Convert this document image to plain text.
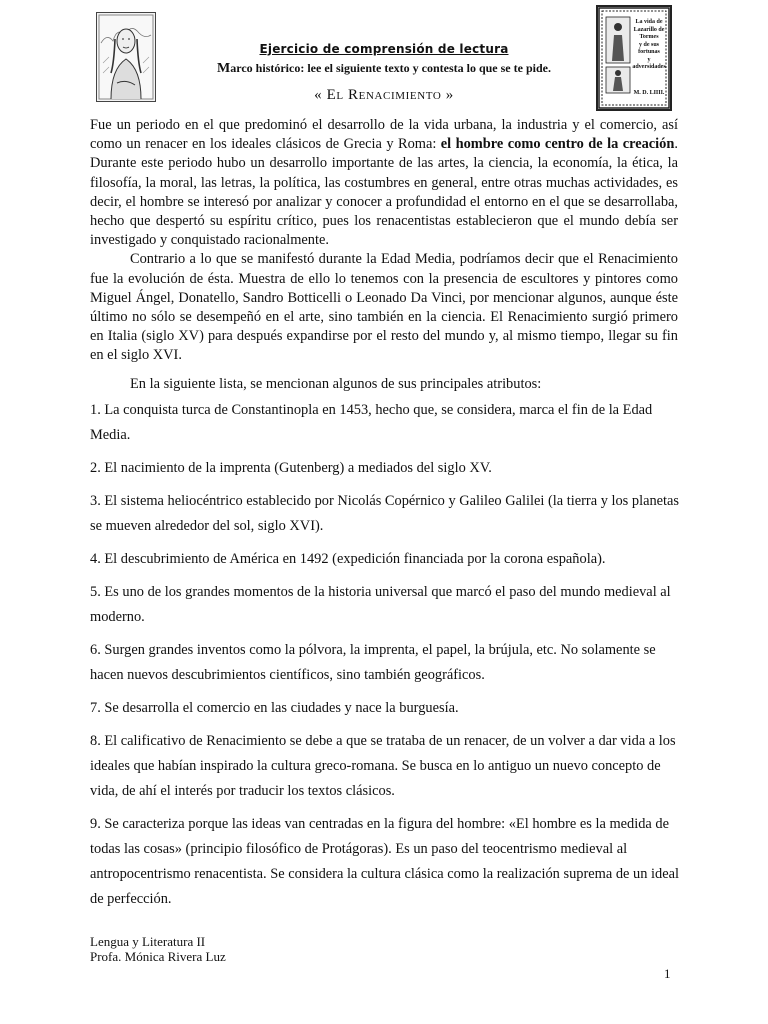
La vida de
Lazarillo de Tormes
y de sus fortunas
y adversidades
M. D. LIIII.
Ejercicio de comprensión de lectura
Marco histórico: lee el siguiente texto y contesta lo que se te pide.
« El Renacimiento »

Fue un periodo en el que predominó el desarrollo de la vida urbana, la industria y el comercio, así como un renacer en los ideales clásicos de Grecia y Roma: el hombre como centro de la creación. Durante este periodo hubo un desarrollo importante de las artes, la ciencia, la economía, la ética, la filosofía, la moral, las letras, la política, las costumbres en general, entre otras muchas actividades, es decir, el hombre se interesó por analizar y conocer a profundidad el entorno en el que se desarrollaba, hecho que despertó su espíritu crítico, pues los renacentistas establecieron que el mundo debía ser investigado y conquistado racionalmente.

Contrario a lo que se manifestó durante la Edad Media, podríamos decir que el Renacimiento fue la evolución de ésta. Muestra de ello lo tenemos con la presencia de escultores y pintores como Miguel Ángel, Donatello, Sandro Botticelli o Leonado Da Vinci, por mencionar algunos, aunque éste último no sólo se desempeñó en el arte, sino también en la ciencia. El Renacimiento surgió primero en Italia (siglo XV) para después expandirse por el resto del mundo y, al mismo tiempo, llegar su fin en el siglo XVI.

En la siguiente lista, se mencionan algunos de sus principales atributos:
1. La conquista turca de Constantinopla en 1453, hecho que, se considera, marca el fin de la Edad Media.
2. El nacimiento de la imprenta (Gutenberg) a mediados del siglo XV.
3. El sistema heliocéntrico establecido por Nicolás Copérnico y Galileo Galilei (la tierra y los planetas se mueven alrededor del sol, siglo XVI).
4. El descubrimiento de América en 1492 (expedición financiada por la corona española).
5. Es uno de los grandes momentos de la historia universal que marcó el paso del mundo medieval al moderno.
6. Surgen grandes inventos como la pólvora, la imprenta, el papel, la brújula, etc. No solamente se hacen nuevos descubrimientos científicos, sino también geográficos.
7. Se desarrolla el comercio en las ciudades y nace la burguesía.
8. El calificativo de Renacimiento se debe a que se trataba de un renacer, de un volver a dar vida a los ideales que habían inspirado la cultura greco-romana. Se busca en lo antiguo un nuevo concepto de vida, de ahí el interés por traducir los textos clásicos.
9. Se caracteriza porque las ideas van centradas en la figura del hombre: «El hombre es la medida de todas las cosas» (principio filosófico de Protágoras). Es un paso del teocentrismo medieval al antropocentrismo renacentista. Se considera la cultura clásica como la realización suprema de un ideal de perfección.
Lengua y Literatura II
Profa. Mónica Rivera Luz
1
